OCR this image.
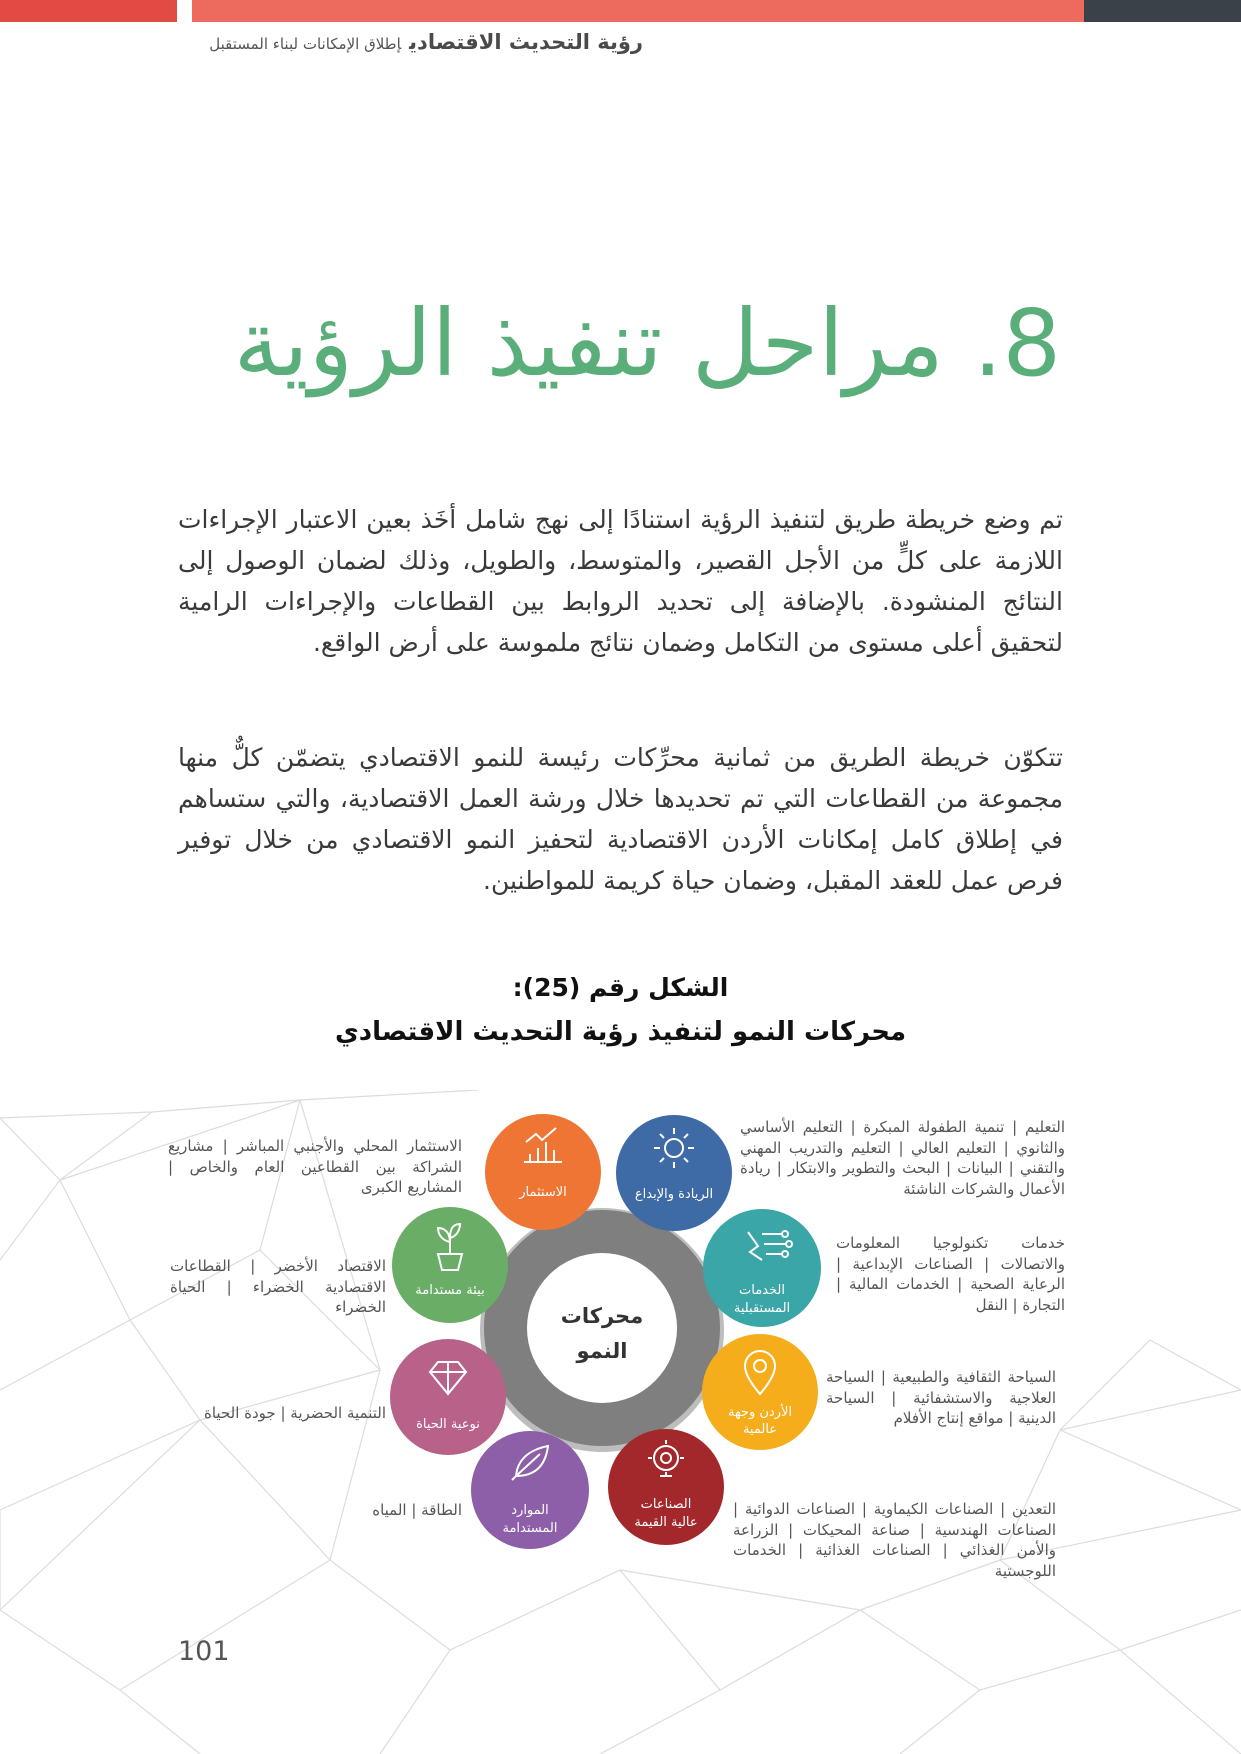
رؤية التحديث الاقتصاديإطلاق الإمكانات لبناء المستقبل
8. مراحل تنفيذ الرؤية

تم وضع خريطة طريق لتنفيذ الرؤية استنادًا إلى نهج شامل أخَذ بعين الاعتبار الإجراءات اللازمة على كلٍّ من الأجل القصير، والمتوسط، والطويل، وذلك لضمان الوصول إلى النتائج المنشودة. بالإضافة إلى تحديد الروابط بين القطاعات والإجراءات الرامية لتحقيق أعلى مستوى من التكامل وضمان نتائج ملموسة على أرض الواقع.

تتكوّن خريطة الطريق من ثمانية محرِّكات رئيسة للنمو الاقتصادي يتضمّن كلٌّ منها مجموعة من القطاعات التي تم تحديدها خلال ورشة العمل الاقتصادية، والتي ستساهم في إطلاق كامل إمكانات الأردن الاقتصادية لتحفيز النمو الاقتصادي من خلال توفير فرص عمل للعقد المقبل، وضمان حياة كريمة للمواطنين.

الشكل رقم (25):
محركات النمو لتنفيذ رؤية التحديث الاقتصادي
محركات
النمو
الريادة والإبداع
الخدمات
المستقبلية
الأردن وجهة
عالمية
الصناعات
عالية القيمة
الموارد
المستدامة
نوعية الحياة
بيئة مستدامة
الاستثمار
التعليم | تنمية الطفولة المبكرة | التعليم الأساسي والثانوي | التعليم العالي | التعليم والتدريب المهني والتقني | البيانات | البحث والتطوير والابتكار | ريادة الأعمال والشركات الناشئة
خدمات تكنولوجيا المعلومات والاتصالات | الصناعات الإبداعية | الرعاية الصحية | الخدمات المالية | التجارة | النقل
السياحة الثقافية والطبيعية | السياحة العلاجية والاستشفائية | السياحة الدينية | مواقع إنتاج الأفلام
التعدين | الصناعات الكيماوية | الصناعات الدوائية | الصناعات الهندسية | صناعة المحيكات | الزراعة والأمن الغذائي | الصناعات الغذائية | الخدمات اللوجستية
الطاقة | المياه
التنمية الحضرية | جودة الحياة
الاقتصاد الأخضر | القطاعات الاقتصادية الخضراء | الحياة الخضراء
الاستثمار المحلي والأجنبي المباشر | مشاريع الشراكة بين القطاعين العام والخاص | المشاريع الكبرى
101
